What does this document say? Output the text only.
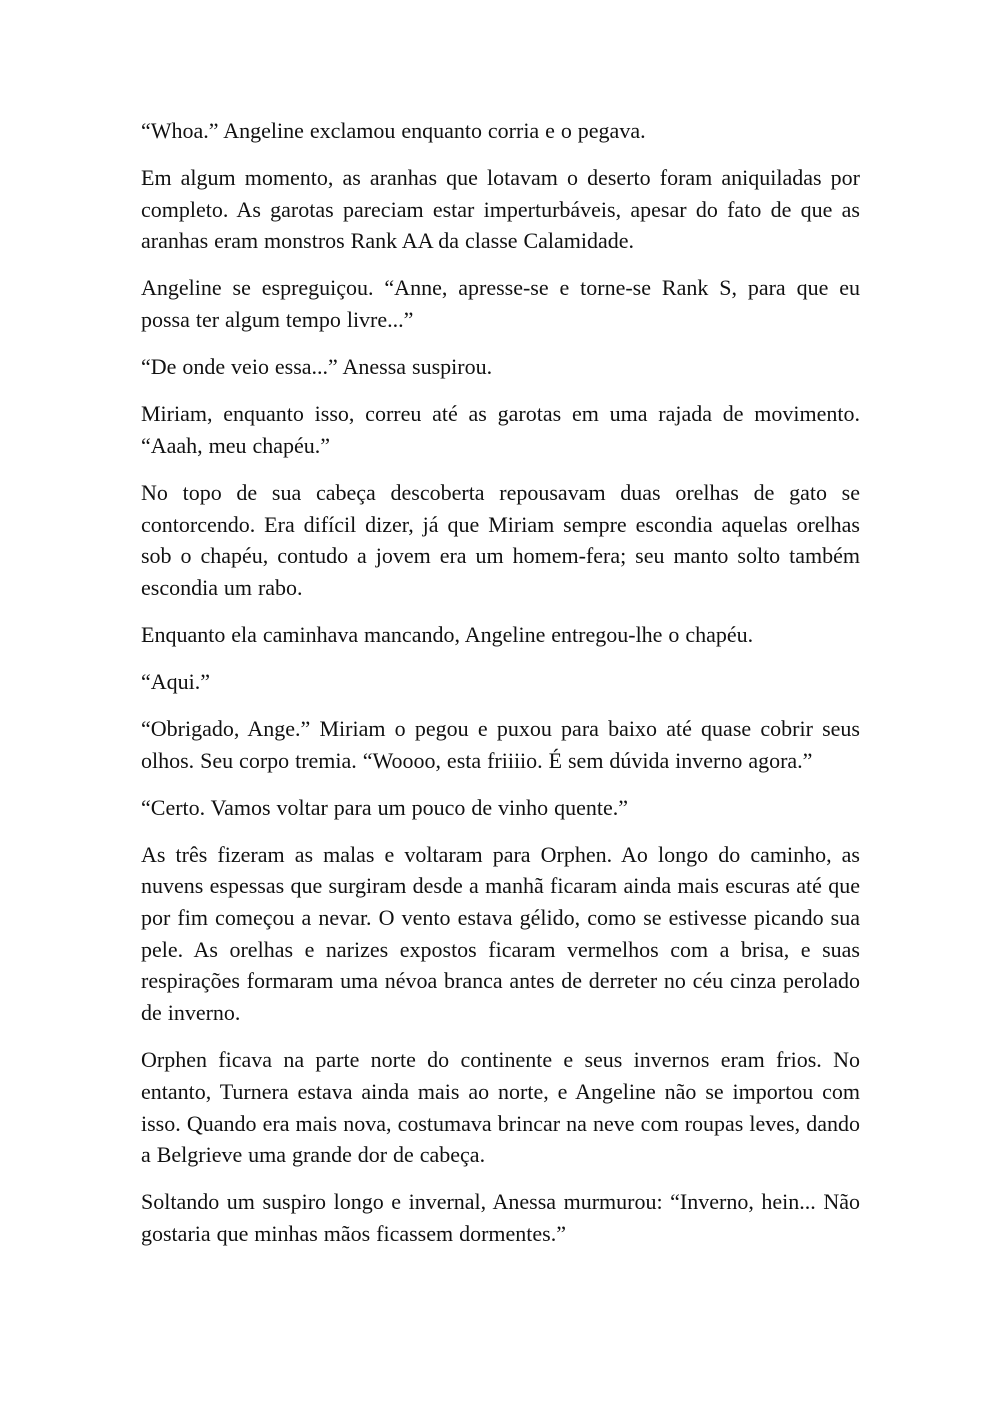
“Whoa.” Angeline exclamou enquanto corria e o pegava.

Em algum momento, as aranhas que lotavam o deserto foram aniquiladas por completo. As garotas pareciam estar imperturbáveis, apesar do fato de que as aranhas eram monstros Rank AA da classe Calamidade.

Angeline se espreguiçou. “Anne, apresse-se e torne-se Rank S, para que eu possa ter algum tempo livre...”

“De onde veio essa...” Anessa suspirou.

Miriam, enquanto isso, correu até as garotas em uma rajada de movimento. “Aaah, meu chapéu.”

No topo de sua cabeça descoberta repousavam duas orelhas de gato se contorcendo. Era difícil dizer, já que Miriam sempre escondia aquelas orelhas sob o chapéu, contudo a jovem era um homem-fera; seu manto solto também escondia um rabo.

Enquanto ela caminhava mancando, Angeline entregou-lhe o chapéu.

“Aqui.”

“Obrigado, Ange.” Miriam o pegou e puxou para baixo até quase cobrir seus olhos. Seu corpo tremia. “Woooo, esta friiiio. É sem dúvida inverno agora.”

“Certo. Vamos voltar para um pouco de vinho quente.”

As três fizeram as malas e voltaram para Orphen. Ao longo do caminho, as nuvens espessas que surgiram desde a manhã ficaram ainda mais escuras até que por fim começou a nevar. O vento estava gélido, como se estivesse picando sua pele. As orelhas e narizes expostos ficaram vermelhos com a brisa, e suas respirações formaram uma névoa branca antes de derreter no céu cinza perolado de inverno.

Orphen ficava na parte norte do continente e seus invernos eram frios. No entanto, Turnera estava ainda mais ao norte, e Angeline não se importou com isso. Quando era mais nova, costumava brincar na neve com roupas leves, dando a Belgrieve uma grande dor de cabeça.

Soltando um suspiro longo e invernal, Anessa murmurou: “Inverno, hein... Não gostaria que minhas mãos ficassem dormentes.”
